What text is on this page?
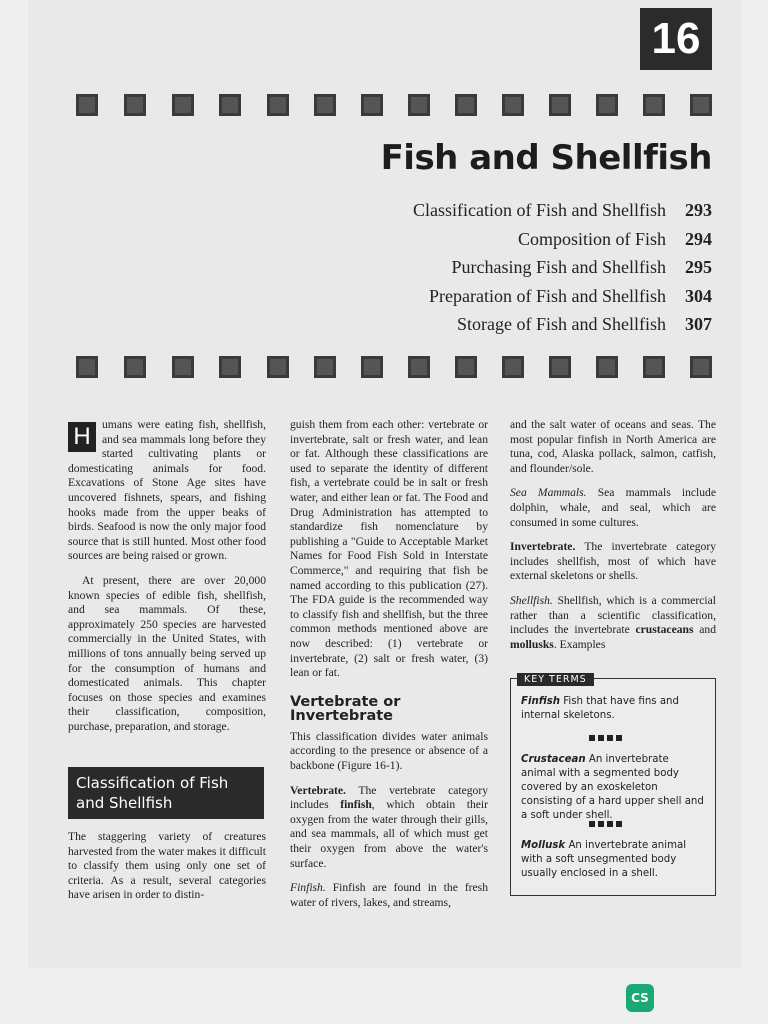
16
Fish and Shellfish
Classification of Fish and Shellfish	293
Composition of Fish	294
Purchasing Fish and Shellfish	295
Preparation of Fish and Shellfish	304
Storage of Fish and Shellfish	307

H umans were eating fish, shellfish, and sea mammals long before they started cultivating plants or domesticating animals for food. Excavations of Stone Age sites have uncovered fishnets, spears, and fishing hooks made from the upper beaks of birds. Seafood is now the only major food source that is still hunted. Most other food sources are being raised or grown.

At present, there are over 20,000 known species of edible fish, shellfish, and sea mammals. Of these, approximately 250 species are harvested commercially in the United States, with millions of tons annually being served up for the consumption of humans and domesticated animals. This chapter focuses on those species and examines their classification, composition, purchase, preparation, and storage.

Classification of Fish and Shellfish

The staggering variety of creatures harvested from the water makes it difficult to classify them using only one set of criteria. As a result, several categories have arisen in order to distin-

guish them from each other: vertebrate or invertebrate, salt or fresh water, and lean or fat. Although these classifications are used to separate the identity of different fish, a vertebrate could be in salt or fresh water, and either lean or fat. The Food and Drug Administration has attempted to standardize fish nomenclature by publishing a "Guide to Acceptable Market Names for Food Fish Sold in Interstate Commerce," and requiring that fish be named according to this publication (27). The FDA guide is the recommended way to classify fish and shellfish, but the three common methods mentioned above are now described: (1) vertebrate or invertebrate, (2) salt or fresh water, (3) lean or fat.

Vertebrate or Invertebrate

This classification divides water animals according to the presence or absence of a backbone (Figure 16-1).

Vertebrate. The vertebrate category includes finfish, which obtain their oxygen from the water through their gills, and sea mammals, all of which must get their oxygen from above the water's surface.

Finfish. Finfish are found in the fresh water of rivers, lakes, and streams,

and the salt water of oceans and seas. The most popular finfish in North America are tuna, cod, Alaska pollack, salmon, catfish, and flounder/sole.

Sea Mammals. Sea mammals include dolphin, whale, and seal, which are consumed in some cultures.

Invertebrate. The invertebrate category includes shellfish, most of which have external skeletons or shells.

Shellfish. Shellfish, which is a commercial rather than a scientific classification, includes the invertebrate crustaceans and mollusks. Examples

KEY TERMS
Finfish Fish that have fins and internal skeletons.
Crustacean An invertebrate animal with a segmented body covered by an exoskeleton consisting of a hard upper shell and a soft under shell.
Mollusk An invertebrate animal with a soft unsegmented body usually enclosed in a shell.
CS
